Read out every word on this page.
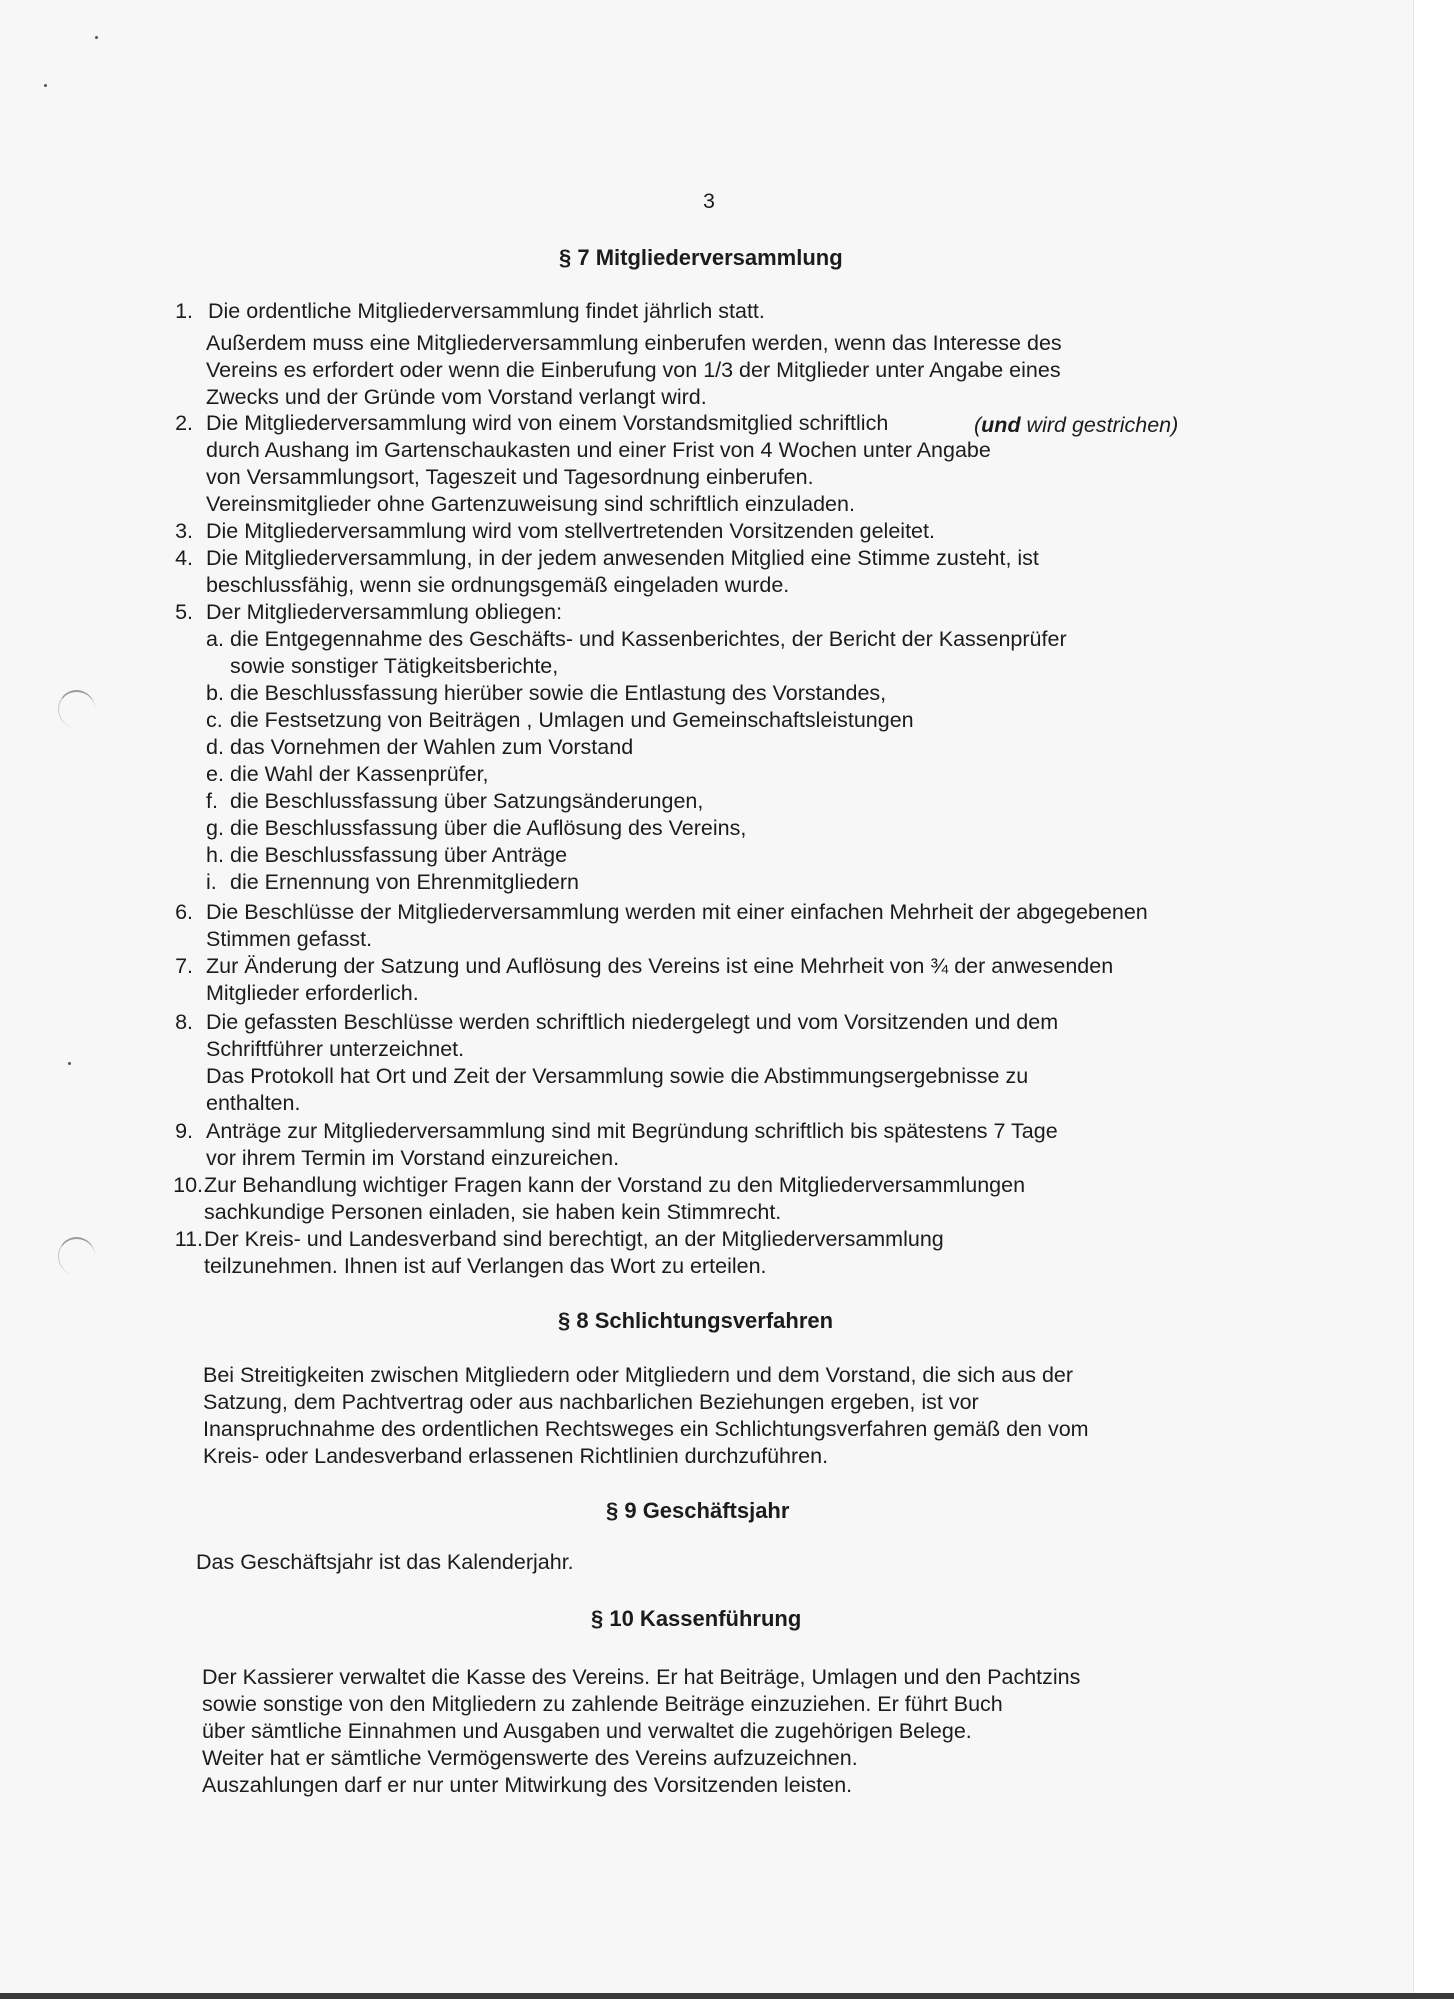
3
§ 7 Mitgliederversammlung
1. Die ordentliche Mitgliederversammlung findet jährlich statt.
Außerdem muss eine Mitgliederversammlung einberufen werden, wenn das Interesse des
Vereins es erfordert oder wenn die Einberufung von 1/3 der Mitglieder unter Angabe eines
Zwecks und der Gründe vom Vorstand verlangt wird.
2. Die Mitgliederversammlung wird von einem Vorstandsmitglied schriftlich	(und wird gestrichen)
durch Aushang im Gartenschaukasten und einer Frist von 4 Wochen unter Angabe
von Versammlungsort, Tageszeit und Tagesordnung einberufen.
Vereinsmitglieder ohne Gartenzuweisung sind schriftlich einzuladen.
3. Die Mitgliederversammlung wird vom stellvertretenden Vorsitzenden geleitet.
4. Die Mitgliederversammlung, in der jedem anwesenden Mitglied eine Stimme zusteht, ist
beschlussfähig, wenn sie ordnungsgemäß eingeladen wurde.
5. Der Mitgliederversammlung obliegen:
a. die Entgegennahme des Geschäfts- und Kassenberichtes, der Bericht der Kassenprüfer
sowie sonstiger Tätigkeitsberichte,
b. die Beschlussfassung hierüber sowie die Entlastung des Vorstandes,
c. die Festsetzung von Beiträgen , Umlagen und Gemeinschaftsleistungen
d. das Vornehmen der Wahlen zum Vorstand
e. die Wahl der Kassenprüfer,
f. die Beschlussfassung über Satzungsänderungen,
g. die Beschlussfassung über die Auflösung des Vereins,
h. die Beschlussfassung über Anträge
i. die Ernennung von Ehrenmitgliedern
6. Die Beschlüsse der Mitgliederversammlung werden mit einer einfachen Mehrheit der abgegebenen
Stimmen gefasst.
7. Zur Änderung der Satzung und Auflösung des Vereins ist eine Mehrheit von ¾ der anwesenden
Mitglieder erforderlich.
8. Die gefassten Beschlüsse werden schriftlich niedergelegt und vom Vorsitzenden und dem
Schriftführer unterzeichnet.
Das Protokoll hat Ort und Zeit der Versammlung sowie die Abstimmungsergebnisse zu
enthalten.
9. Anträge zur Mitgliederversammlung sind mit Begründung schriftlich bis spätestens 7 Tage
vor ihrem Termin im Vorstand einzureichen.
10. Zur Behandlung wichtiger Fragen kann der Vorstand zu den Mitgliederversammlungen
sachkundige Personen einladen, sie haben kein Stimmrecht.
11. Der Kreis- und Landesverband sind berechtigt, an der Mitgliederversammlung
teilzunehmen. Ihnen ist auf Verlangen das Wort zu erteilen.
§ 8 Schlichtungsverfahren
Bei Streitigkeiten zwischen Mitgliedern oder Mitgliedern und dem Vorstand, die sich aus der
Satzung, dem Pachtvertrag oder aus nachbarlichen Beziehungen ergeben, ist vor
Inanspruchnahme des ordentlichen Rechtsweges ein Schlichtungsverfahren gemäß den vom
Kreis- oder Landesverband erlassenen Richtlinien durchzuführen.
§ 9 Geschäftsjahr
Das Geschäftsjahr ist das Kalenderjahr.
§ 10 Kassenführung
Der Kassierer verwaltet die Kasse des Vereins. Er hat Beiträge, Umlagen und den Pachtzins
sowie sonstige von den Mitgliedern zu zahlende Beiträge einzuziehen. Er führt Buch
über sämtliche Einnahmen und Ausgaben und verwaltet die zugehörigen Belege.
Weiter hat er sämtliche Vermögenswerte des Vereins aufzuzeichnen.
Auszahlungen darf er nur unter Mitwirkung des Vorsitzenden leisten.
